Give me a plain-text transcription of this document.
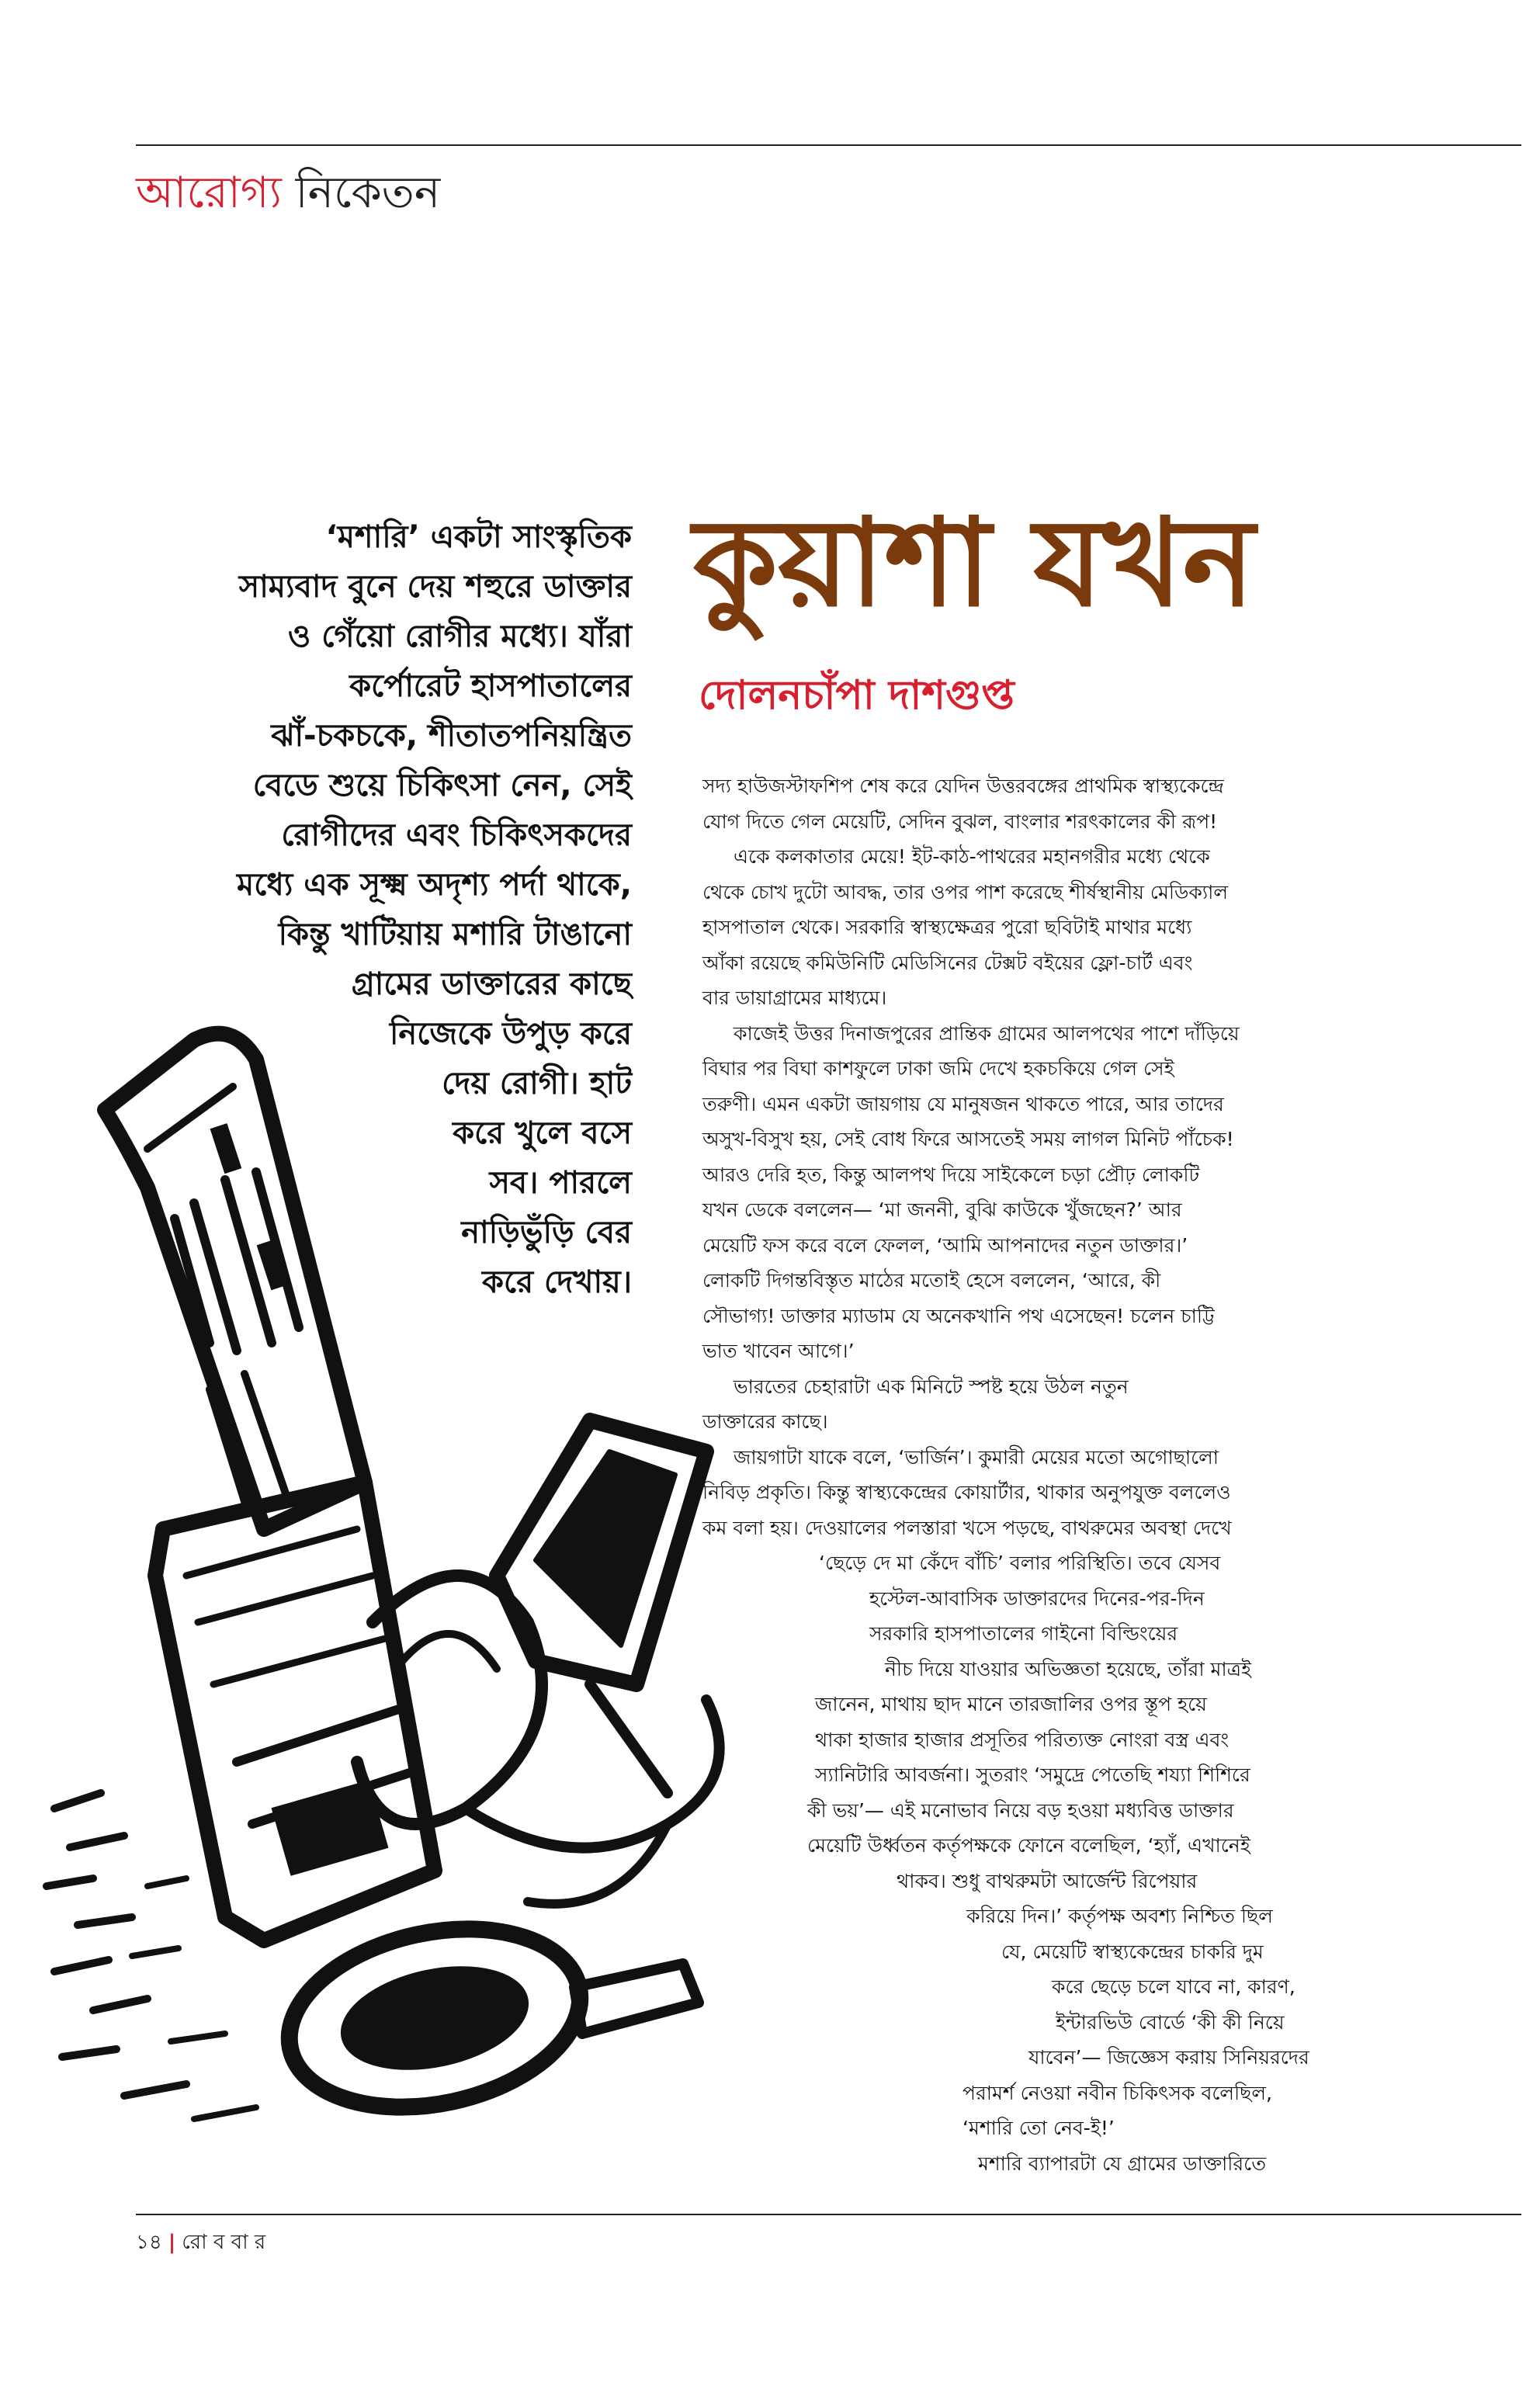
আরোগ্য নিকেতন
কুয়াশা যখন
দোলনচাঁপা দাশগুপ্ত
‘মশারি’ একটা সাংস্কৃতিক
সাম্যবাদ বুনে দেয় শহুরে ডাক্তার
ও গেঁয়ো রোগীর মধ্যে। যাঁরা
কর্পোরেট হাসপাতালের
ঝাঁ-চকচকে, শীতাতপনিয়ন্ত্রিত
বেডে শুয়ে চিকিৎসা নেন, সেই
রোগীদের এবং চিকিৎসকদের
মধ্যে এক সূক্ষ্ম অদৃশ্য পর্দা থাকে,
কিন্তু খাটিয়ায় মশারি টাঙানো
গ্রামের ডাক্তারের কাছে
নিজেকে উপুড় করে
দেয় রোগী। হাট
করে খুলে বসে
সব। পারলে
নাড়িভুঁড়ি বের
করে দেখায়।
সদ্য হাউজস্টাফশিপ শেষ করে যেদিন উত্তরবঙ্গের প্রাথমিক স্বাস্থ্যকেন্দ্রে
যোগ দিতে গেল মেয়েটি, সেদিন বুঝল, বাংলার শরৎকালের কী রূপ!
একে কলকাতার মেয়ে! ইট-কাঠ-পাথরের মহানগরীর মধ্যে থেকে
থেকে চোখ দুটো আবদ্ধ, তার ওপর পাশ করেছে শীর্ষস্থানীয় মেডিক্যাল
হাসপাতাল থেকে। সরকারি স্বাস্থ্যক্ষেত্রর পুরো ছবিটাই মাথার মধ্যে
আঁকা রয়েছে কমিউনিটি মেডিসিনের টেক্সট বইয়ের ফ্লো-চার্ট এবং
বার ডায়াগ্রামের মাধ্যমে।
কাজেই উত্তর দিনাজপুরের প্রান্তিক গ্রামের আলপথের পাশে দাঁড়িয়ে
বিঘার পর বিঘা কাশফুলে ঢাকা জমি দেখে হকচকিয়ে গেল সেই
তরুণী। এমন একটা জায়গায় যে মানুষজন থাকতে পারে, আর তাদের
অসুখ-বিসুখ হয়, সেই বোধ ফিরে আসতেই সময় লাগল মিনিট পাঁচেক!
আরও দেরি হত, কিন্তু আলপথ দিয়ে সাইকেলে চড়া প্রৌঢ় লোকটি
যখন ডেকে বললেন— ‘মা জননী, বুঝি কাউকে খুঁজছেন?’ আর
মেয়েটি ফস করে বলে ফেলল, ‘আমি আপনাদের নতুন ডাক্তার।’
লোকটি দিগন্তবিস্তৃত মাঠের মতোই হেসে বললেন, ‘আরে, কী
সৌভাগ্য! ডাক্তার ম্যাডাম যে অনেকখানি পথ এসেছেন! চলেন চাট্টি
ভাত খাবেন আগে।’
ভারতের চেহারাটা এক মিনিটে স্পষ্ট হয়ে উঠল নতুন
ডাক্তারের কাছে।
জায়গাটা যাকে বলে, ‘ভার্জিন’। কুমারী মেয়ের মতো অগোছালো
নিবিড় প্রকৃতি। কিন্তু স্বাস্থ্যকেন্দ্রের কোয়ার্টার, থাকার অনুপযুক্ত বললেও
কম বলা হয়। দেওয়ালের পলস্তারা খসে পড়ছে, বাথরুমের অবস্থা দেখে
‘ছেড়ে দে মা কেঁদে বাঁচি’ বলার পরিস্থিতি। তবে যেসব
হস্টেল-আবাসিক ডাক্তারদের দিনের-পর-দিন
সরকারি হাসপাতালের গাইনো বিল্ডিংয়ের
নীচ দিয়ে যাওয়ার অভিজ্ঞতা হয়েছে, তাঁরা মাত্রই
জানেন, মাথায় ছাদ মানে তারজালির ওপর স্তূপ হয়ে
থাকা হাজার হাজার প্রসূতির পরিত্যক্ত নোংরা বস্ত্র এবং
স্যানিটারি আবর্জনা। সুতরাং ‘সমুদ্রে পেতেছি শয্যা শিশিরে
কী ভয়’— এই মনোভাব নিয়ে বড় হওয়া মধ্যবিত্ত ডাক্তার
মেয়েটি উর্ধ্বতন কর্তৃপক্ষকে ফোনে বলেছিল, ‘হ্যাঁ, এখানেই
থাকব। শুধু বাথরুমটা আর্জেন্ট রিপেয়ার
করিয়ে দিন।’ কর্তৃপক্ষ অবশ্য নিশ্চিত ছিল
যে, মেয়েটি স্বাস্থ্যকেন্দ্রের চাকরি দুম
করে ছেড়ে চলে যাবে না, কারণ,
ইন্টারভিউ বোর্ডে ‘কী কী নিয়ে
যাবেন’— জিজ্ঞেস করায় সিনিয়রদের
পরামর্শ নেওয়া নবীন চিকিৎসক বলেছিল,
‘মশারি তো নেব-ই!’
মশারি ব্যাপারটা যে গ্রামের ডাক্তারিতে
১৪ | রো ব বা র
